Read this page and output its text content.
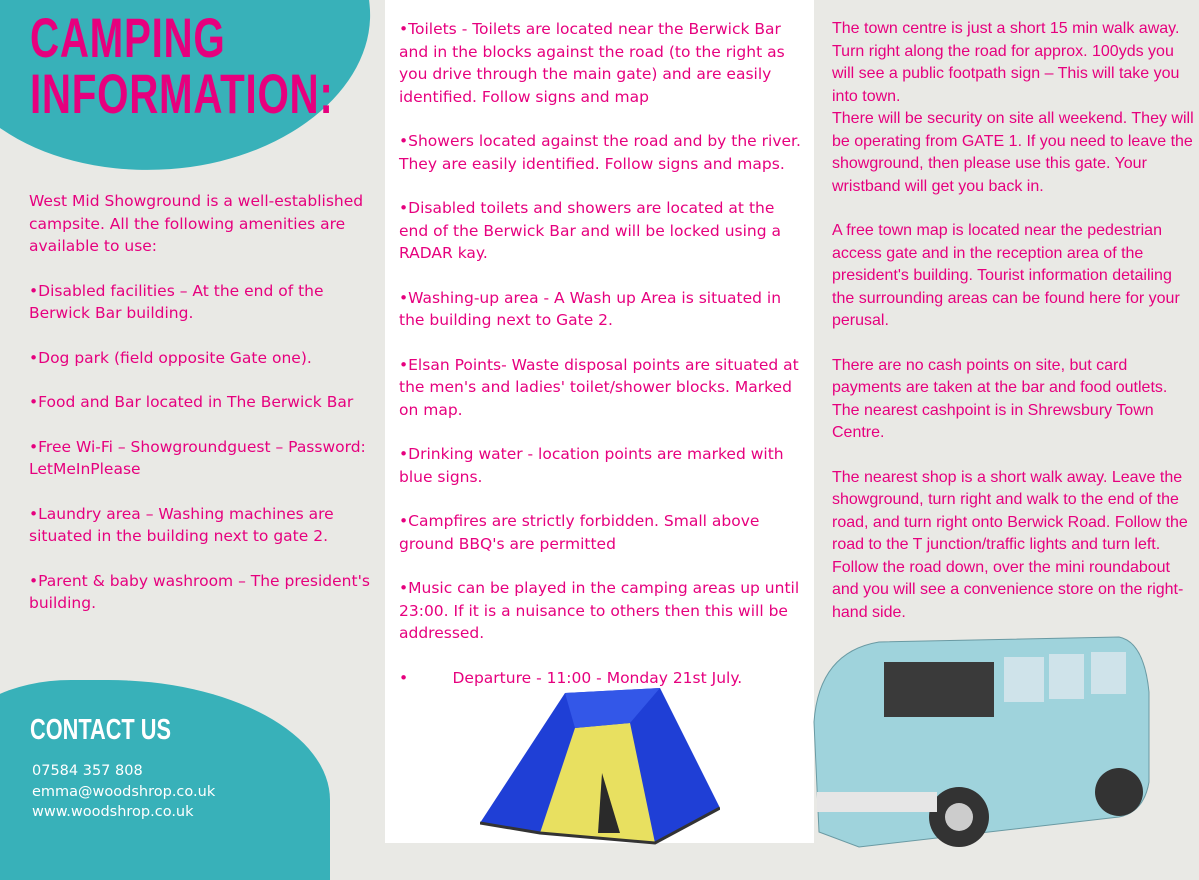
CAMPING
INFORMATION:

West Mid Showground is a well-established campsite. All the following amenities are available to use:

•Disabled facilities – At the end of the Berwick Bar building.

•Dog park (field opposite Gate one).

•Food and Bar located in The Berwick Bar

•Free Wi-Fi – Showgroundguest – Password: LetMeInPlease

•Laundry area – Washing machines are situated in the building next to gate 2.

•Parent & baby washroom – The president's building.

CONTACT US
07584 357 808
emma@woodshrop.co.uk
www.woodshrop.co.uk

•Toilets - Toilets are located near the Berwick Bar and in the blocks against the road (to the right as you drive through the main gate) and are easily identified. Follow signs and map

•Showers located against the road and by the river. They are easily identified. Follow signs and maps.

•Disabled toilets and showers are located at the end of the Berwick Bar and will be locked using a RADAR kay.

•Washing-up area - A Wash up Area is situated in the building next to Gate 2.

•Elsan Points- Waste disposal points are situated at the men's and ladies' toilet/shower blocks. Marked on map.

•Drinking water - location points are marked with blue signs.

•Campfires are strictly forbidden. Small above ground BBQ's are permitted

•Music can be played in the camping areas up until 23:00. If it is a nuisance to others then this will be addressed.

•         Departure - 11:00 - Monday 21st July.

The town centre is just a short 15 min walk away. Turn right along the road for approx. 100yds you will see a public footpath sign – This will take you into town.

There will be security on site all weekend. They will be operating from GATE 1. If you need to leave the showground, then please use this gate. Your wristband will get you back in.

A free town map is located near the pedestrian access gate and in the reception area of the president's building. Tourist information detailing the surrounding areas can be found here for your perusal.

There are no cash points on site, but card payments are taken at the bar and food outlets. The nearest cashpoint is in Shrewsbury Town Centre.

The nearest shop is a short walk away. Leave the showground, turn right and walk to the end of the road, and turn right onto Berwick Road. Follow the road to the T junction/traffic lights and turn left. Follow the road down, over the mini roundabout and you will see a convenience store on the right-hand side.
